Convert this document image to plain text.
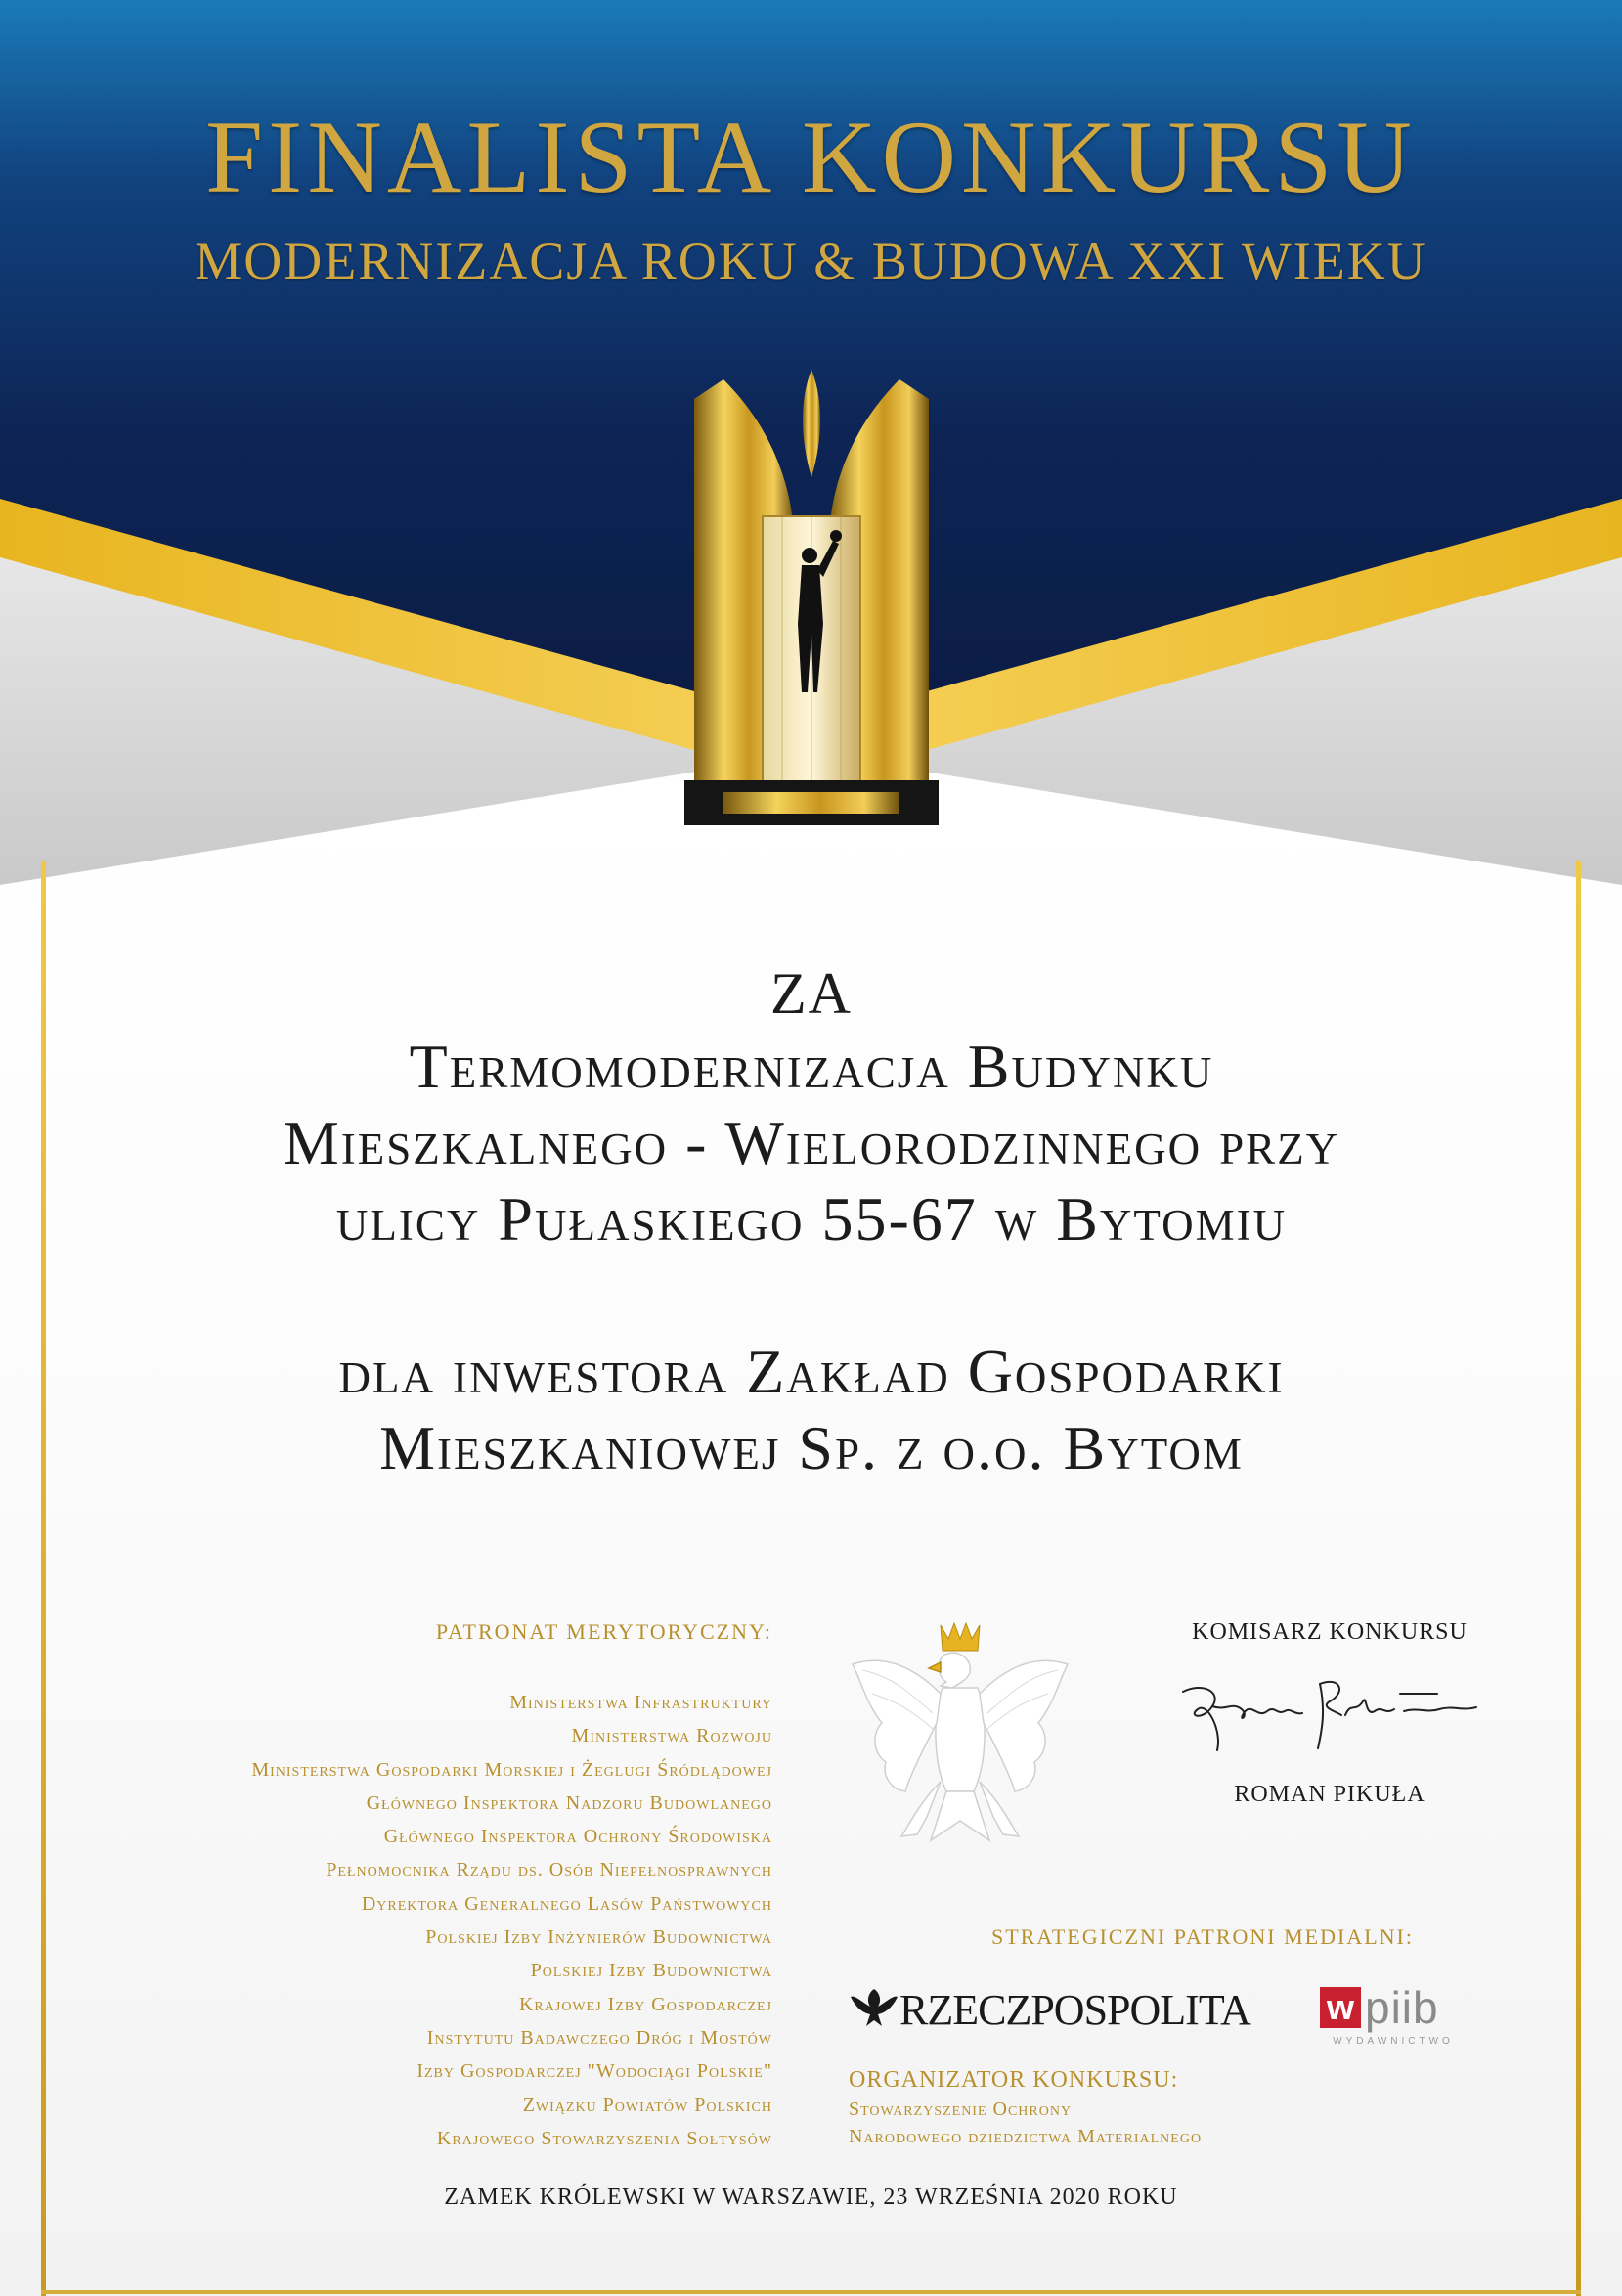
FINALISTA KONKURSU
MODERNIZACJA ROKU & BUDOWA XXI WIEKU
ZA
Termomodernizacja Budynku
Mieszkalnego - Wielorodzinnego przy
ulicy Pułaskiego 55-67 w Bytomiu
dla inwestora Zakład Gospodarki
Mieszkaniowej Sp. z o.o. Bytom
PATRONAT MERYTORYCZNY:
Ministerstwa Infrastruktury
Ministerstwa Rozwoju
Ministerstwa Gospodarki Morskiej i Żeglugi Śródlądowej
Głównego Inspektora Nadzoru Budowlanego
Głównego Inspektora Ochrony Środowiska
Pełnomocnika Rządu ds. Osób Niepełnosprawnych
Dyrektora Generalnego Lasów Państwowych
Polskiej Izby Inżynierów Budownictwa
Polskiej Izby Budownictwa
Krajowej Izby Gospodarczej
Instytutu Badawczego Dróg i Mostów
Izby Gospodarczej "Wodociągi Polskie"
Związku Powiatów Polskich
Krajowego Stowarzyszenia Sołtysów
KOMISARZ KONKURSU
ROMAN PIKUŁA
STRATEGICZNI PATRONI MEDIALNI:
RZECZPOSPOLITA w piib
WYDAWNICTWO
ORGANIZATOR KONKURSU:
Stowarzyszenie Ochrony
Narodowego dziedzictwa Materialnego
ZAMEK KRÓLEWSKI W WARSZAWIE, 23 WRZEŚNIA 2020 ROKU
